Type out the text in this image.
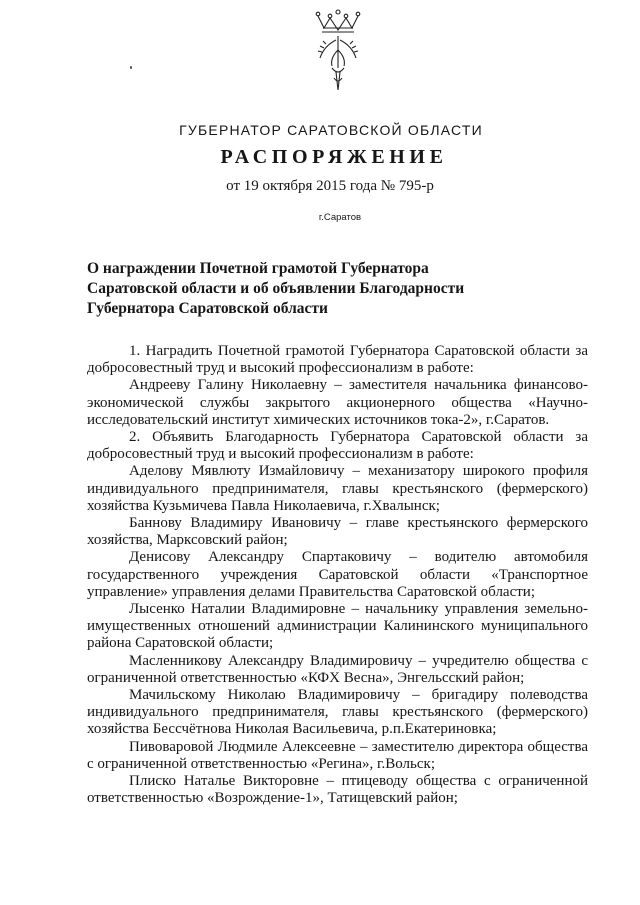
ГУБЕРНАТОР САРАТОВСКОЙ ОБЛАСТИ
РАСПОРЯЖЕНИЕ
от 19 октября 2015 года № 795-р
г.Саратов
О награждении Почетной грамотой Губернатора
Саратовской области и об объявлении Благодарности
Губернатора Саратовской области

1. Наградить Почетной грамотой Губернатора Саратовской области за добросовестный труд и высокий профессионализм в работе:

Андрееву Галину Николаевну – заместителя начальника финансово-экономической службы закрытого акционерного общества «Научно-исследовательский институт химических источников тока-2», г.Саратов.

2. Объявить Благодарность Губернатора Саратовской области за добросовестный труд и высокий профессионализм в работе:

Аделову Мявлюту Измайловичу – механизатору широкого профиля индивидуального предпринимателя, главы крестьянского (фермерского) хозяйства Кузьмичева Павла Николаевича, г.Хвалынск;

Баннову Владимиру Ивановичу – главе крестьянского фермерского хозяйства, Марксовский район;

Денисову Александру Спартаковичу – водителю автомобиля государственного учреждения Саратовской области «Транспортное управление» управления делами Правительства Саратовской области;

Лысенко Наталии Владимировне – начальнику управления земельно-имущественных отношений администрации Калининского муниципального района Саратовской области;

Масленникову Александру Владимировичу – учредителю общества с ограниченной ответственностью «КФХ Весна», Энгельсский район;

Мачильскому Николаю Владимировичу – бригадиру полеводства индивидуального предпринимателя, главы крестьянского (фермерского) хозяйства Бессчётнова Николая Васильевича, р.п.Екатериновка;

Пивоваровой Людмиле Алексеевне – заместителю директора общества с ограниченной ответственностью «Регина», г.Вольск;

Плиско Наталье Викторовне – птицеводу общества с ограниченной ответственностью «Возрождение-1», Татищевский район;
